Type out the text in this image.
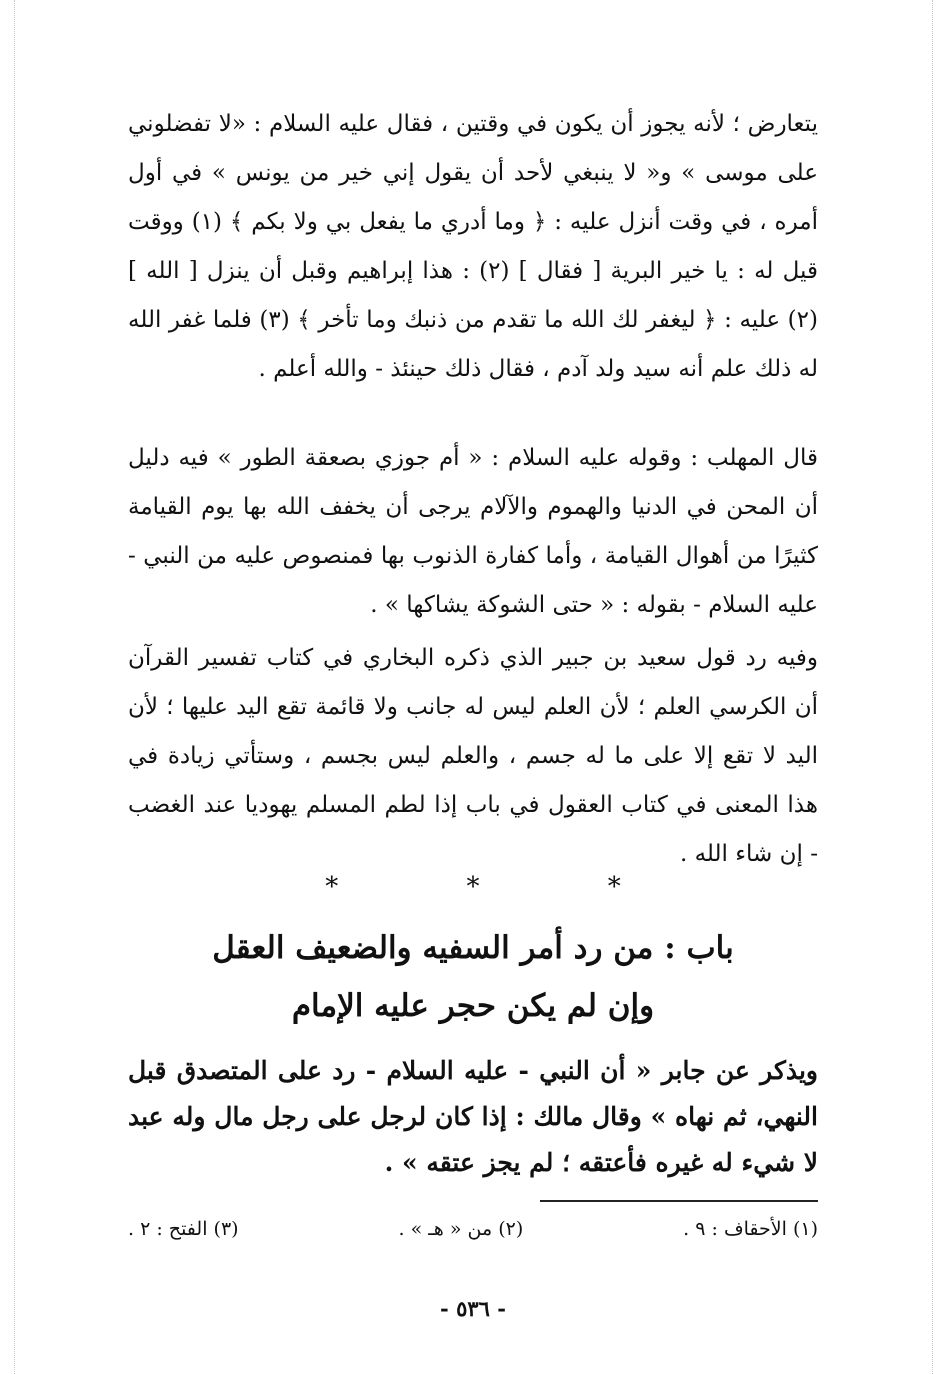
يتعارض ؛ لأنه يجوز أن يكون في وقتين ، فقال عليه السلام : «لا تفضلوني على موسى » و« لا ينبغي لأحد أن يقول إني خير من يونس » في أول أمره ، في وقت أنزل عليه : ﴿ وما أدري ما يفعل بي ولا بكم ﴾ (١) ووقت قيل له : يا خير البرية [ فقال ] (٢) : هذا إبراهيم وقبل أن ينزل [ الله ] (٢) عليه : ﴿ ليغفر لك الله ما تقدم من ذنبك وما تأخر ﴾ (٣) فلما غفر الله له ذلك علم أنه سيد ولد آدم ، فقال ذلك حينئذ - والله أعلم .

قال المهلب : وقوله عليه السلام : « أم جوزي بصعقة الطور » فيه دليل أن المحن في الدنيا والهموم والآلام يرجى أن يخفف الله بها يوم القيامة كثيرًا من أهوال القيامة ، وأما كفارة الذنوب بها فمنصوص عليه من النبي - عليه السلام - بقوله : « حتى الشوكة يشاكها » .

وفيه رد قول سعيد بن جبير الذي ذكره البخاري في كتاب تفسير القرآن أن الكرسي العلم ؛ لأن العلم ليس له جانب ولا قائمة تقع اليد عليها ؛ لأن اليد لا تقع إلا على ما له جسم ، والعلم ليس بجسم ، وستأتي زيادة في هذا المعنى في كتاب العقول في باب إذا لطم المسلم يهوديا عند الغضب - إن شاء الله .

* * *
باب : من رد أمر السفيه والضعيف العقل
وإن لم يكن حجر عليه الإمام

ويذكر عن جابر « أن النبي - عليه السلام - رد على المتصدق قبل النهي، ثم نهاه » وقال مالك : إذا كان لرجل على رجل مال وله عبد لا شيء له غيره فأعتقه ؛ لم يجز عتقه » .

(١) الأحقاف : ٩ .
(٢) من « هـ » .
(٣) الفتح : ٢ .
- ٥٣٦ -
